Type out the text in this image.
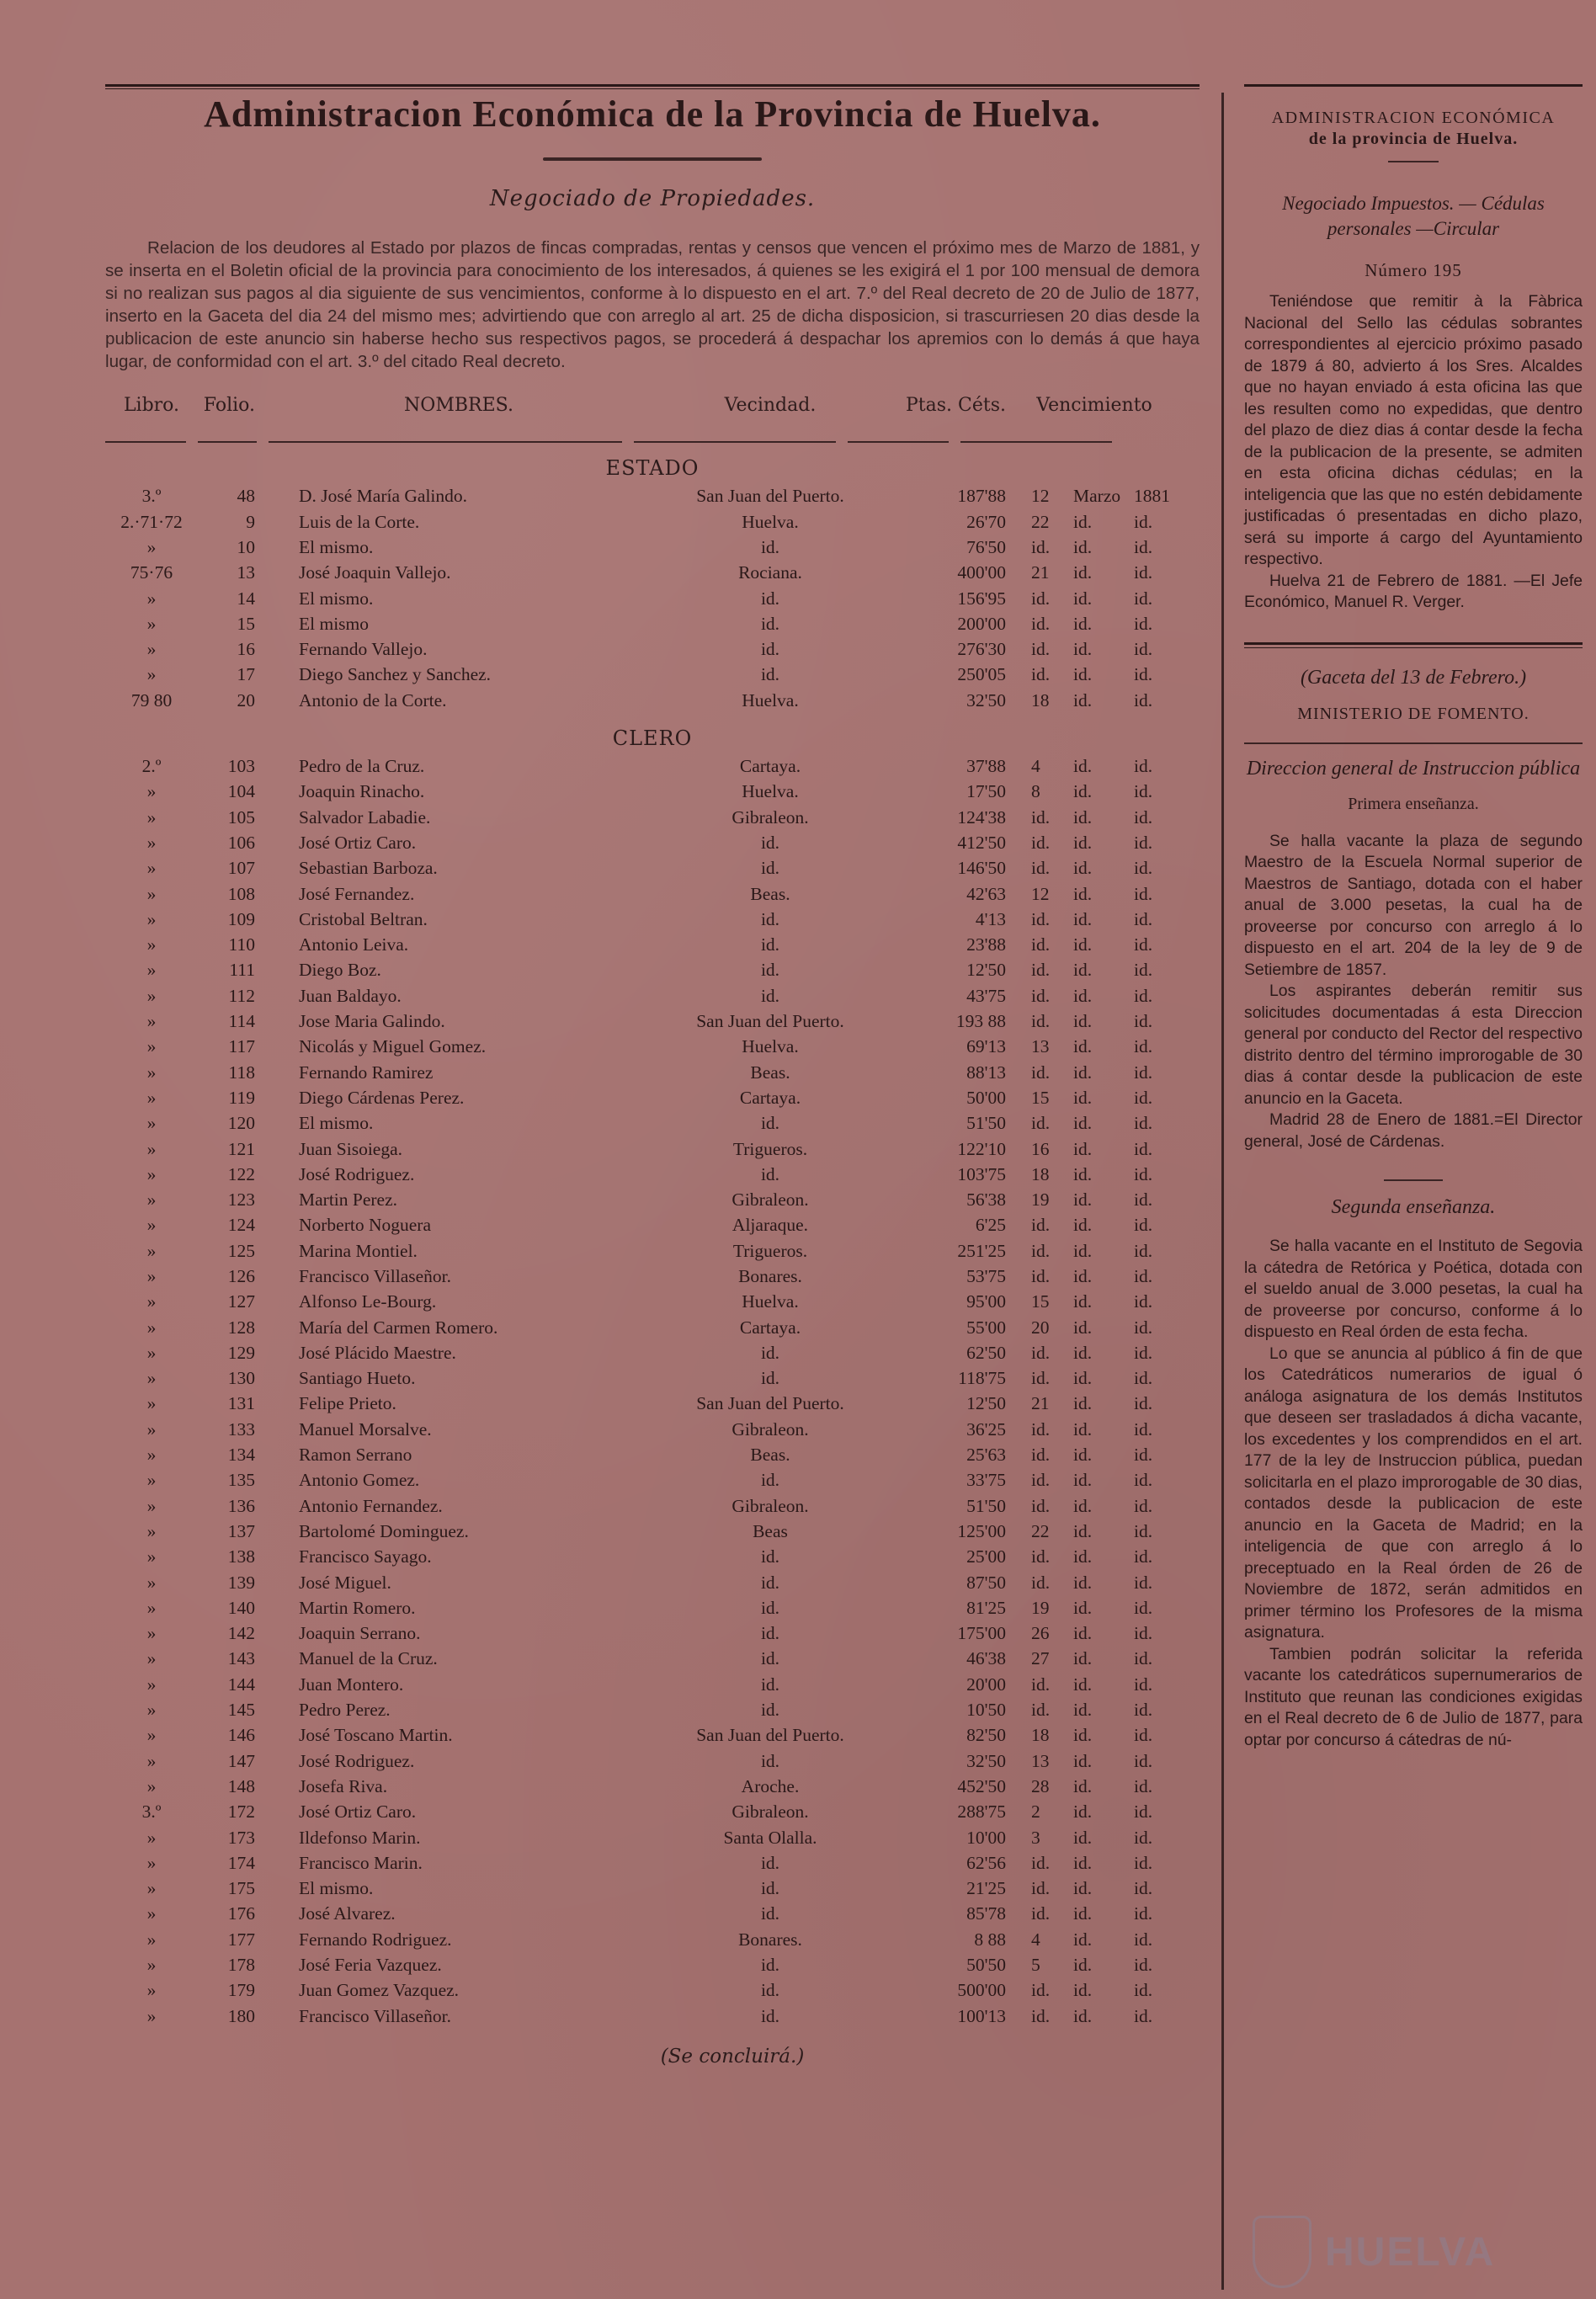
Administracion Económica de la Provincia de Huelva.
Negociado de Propiedades.

Relacion de los deudores al Estado por plazos de fincas compradas, rentas y censos que vencen el próximo mes de Marzo de 1881, y se inserta en el Boletin oficial de la provincia para conocimiento de los interesados, á quienes se les exigirá el 1 por 100 mensual de demora si no realizan sus pagos al dia siguiente de sus vencimientos, conforme à lo dispuesto en el art. 7.º del Real decreto de 20 de Julio de 1877, inserto en la Gaceta del dia 24 del mismo mes; advirtiendo que con arreglo al art. 25 de dicha disposicion, si trascurriesen 20 dias desde la publicacion de este anuncio sin haberse hecho sus respectivos pagos, se procederá á despachar los apremios con lo demás á que haya lugar, de conformidad con el art. 3.º del citado Real decreto.

Libro.	Folio.	NOMBRES.	Vecindad.	Ptas. Céts.	Vencimiento
ESTADO
3.º	48	D. José María Galindo.	San Juan del Puerto.	187'88	12 Marzo 1881
2.·71·72	9	Luis de la Corte.	Huelva.	26'70	22 id. id.
»	10	El mismo.	id.	76'50	id. id. id.
75·76	13	José Joaquin Vallejo.	Rociana.	400'00	21 id. id.
»	14	El mismo.	id.	156'95	id. id. id.
»	15	El mismo	id.	200'00	id. id. id.
»	16	Fernando Vallejo.	id.	276'30	id. id. id.
»	17	Diego Sanchez y Sanchez.	id.	250'05	id. id. id.
79 80	20	Antonio de la Corte.	Huelva.	32'50	18 id. id.
CLERO
2.º	103	Pedro de la Cruz.	Cartaya.	37'88	4 id. id.
»	104	Joaquin Rinacho.	Huelva.	17'50	8 id. id.
»	105	Salvador Labadie.	Gibraleon.	124'38	id. id. id.
»	106	José Ortiz Caro.	id.	412'50	id. id. id.
»	107	Sebastian Barboza.	id.	146'50	id. id. id.
»	108	José Fernandez.	Beas.	42'63	12 id. id.
»	109	Cristobal Beltran.	id.	4'13	id. id. id.
»	110	Antonio Leiva.	id.	23'88	id. id. id.
»	111	Diego Boz.	id.	12'50	id. id. id.
»	112	Juan Baldayo.	id.	43'75	id. id. id.
»	114	Jose Maria Galindo.	San Juan del Puerto.	193 88	id. id. id.
»	117	Nicolás y Miguel Gomez.	Huelva.	69'13	13 id. id.
»	118	Fernando Ramirez	Beas.	88'13	id. id. id.
»	119	Diego Cárdenas Perez.	Cartaya.	50'00	15 id. id.
»	120	El mismo.	id.	51'50	id. id. id.
»	121	Juan Sisoiega.	Trigueros.	122'10	16 id. id.
»	122	José Rodriguez.	id.	103'75	18 id. id.
»	123	Martin Perez.	Gibraleon.	56'38	19 id. id.
»	124	Norberto Noguera	Aljaraque.	6'25	id. id. id.
»	125	Marina Montiel.	Trigueros.	251'25	id. id. id.
»	126	Francisco Villaseñor.	Bonares.	53'75	id. id. id.
»	127	Alfonso Le-Bourg.	Huelva.	95'00	15 id. id.
»	128	María del Carmen Romero.	Cartaya.	55'00	20 id. id.
»	129	José Plácido Maestre.	id.	62'50	id. id. id.
»	130	Santiago Hueto.	id.	118'75	id. id. id.
»	131	Felipe Prieto.	San Juan del Puerto.	12'50	21 id. id.
»	133	Manuel Morsalve.	Gibraleon.	36'25	id. id. id.
»	134	Ramon Serrano	Beas.	25'63	id. id. id.
»	135	Antonio Gomez.	id.	33'75	id. id. id.
»	136	Antonio Fernandez.	Gibraleon.	51'50	id. id. id.
»	137	Bartolomé Dominguez.	Beas	125'00	22 id. id.
»	138	Francisco Sayago.	id.	25'00	id. id. id.
»	139	José Miguel.	id.	87'50	id. id. id.
»	140	Martin Romero.	id.	81'25	19 id. id.
»	142	Joaquin Serrano.	id.	175'00	26 id. id.
»	143	Manuel de la Cruz.	id.	46'38	27 id. id.
»	144	Juan Montero.	id.	20'00	id. id. id.
»	145	Pedro Perez.	id.	10'50	id. id. id.
»	146	José Toscano Martin.	San Juan del Puerto.	82'50	18 id. id.
»	147	José Rodriguez.	id.	32'50	13 id. id.
»	148	Josefa Riva.	Aroche.	452'50	28 id. id.
3.º	172	José Ortiz Caro.	Gibraleon.	288'75	2 id. id.
»	173	Ildefonso Marin.	Santa Olalla.	10'00	3 id. id.
»	174	Francisco Marin.	id.	62'56	id. id. id.
»	175	El mismo.	id.	21'25	id. id. id.
»	176	José Alvarez.	id.	85'78	id. id. id.
»	177	Fernando Rodriguez.	Bonares.	8 88	4 id. id.
»	178	José Feria Vazquez.	id.	50'50	5 id. id.
»	179	Juan Gomez Vazquez.	id.	500'00	id. id. id.
»	180	Francisco Villaseñor.	id.	100'13	id. id. id.
(Se concluirá.)
ADMINISTRACION ECONÓMICA
de la provincia de Huelva.
Negociado Impuestos. — Cédulas personales —Circular
Número 195

Teniéndose que remitir à la Fàbrica Nacional del Sello las cédulas sobrantes correspondientes al ejercicio próximo pasado de 1879 á 80, advierto á los Sres. Alcaldes que no hayan enviado á esta oficina las que les resulten como no expedidas, que dentro del plazo de diez dias á contar desde la fecha de la publicacion de la presente, se admiten en esta oficina dichas cédulas; en la inteligencia que las que no estén debidamente justificadas ó presentadas en dicho plazo, será su importe á cargo del Ayuntamiento respectivo.

Huelva 21 de Febrero de 1881. —El Jefe Económico, Manuel R. Verger.

(Gaceta del 13 de Febrero.)
MINISTERIO DE FOMENTO.
Direccion general de Instruccion pública
Primera enseñanza.

Se halla vacante la plaza de segundo Maestro de la Escuela Normal superior de Maestros de Santiago, dotada con el haber anual de 3.000 pesetas, la cual ha de proveerse por concurso con arreglo á lo dispuesto en el art. 204 de la ley de 9 de Setiembre de 1857.

Los aspirantes deberán remitir sus solicitudes documentadas á esta Direccion general por conducto del Rector del respectivo distrito dentro del término improrogable de 30 dias á contar desde la publicacion de este anuncio en la Gaceta.

Madrid 28 de Enero de 1881.=El Director general, José de Cárdenas.

Segunda enseñanza.

Se halla vacante en el Instituto de Segovia la cátedra de Retórica y Poética, dotada con el sueldo anual de 3.000 pesetas, la cual ha de proveerse por concurso, conforme á lo dispuesto en Real órden de esta fecha.

Lo que se anuncia al público á fin de que los Catedráticos numerarios de igual ó análoga asignatura de los demás Institutos que deseen ser trasladados á dicha vacante, los excedentes y los comprendidos en el art. 177 de la ley de Instruccion pública, puedan solicitarla en el plazo improrogable de 30 dias, contados desde la publicacion de este anuncio en la Gaceta de Madrid; en la inteligencia de que con arreglo á lo preceptuado en la Real órden de 26 de Noviembre de 1872, serán admitidos en primer término los Profesores de la misma asignatura.

Tambien podrán solicitar la referida vacante los catedráticos supernumerarios de Instituto que reunan las condiciones exigidas en el Real decreto de 6 de Julio de 1877, para optar por concurso á cátedras de nú-

HUELVA
